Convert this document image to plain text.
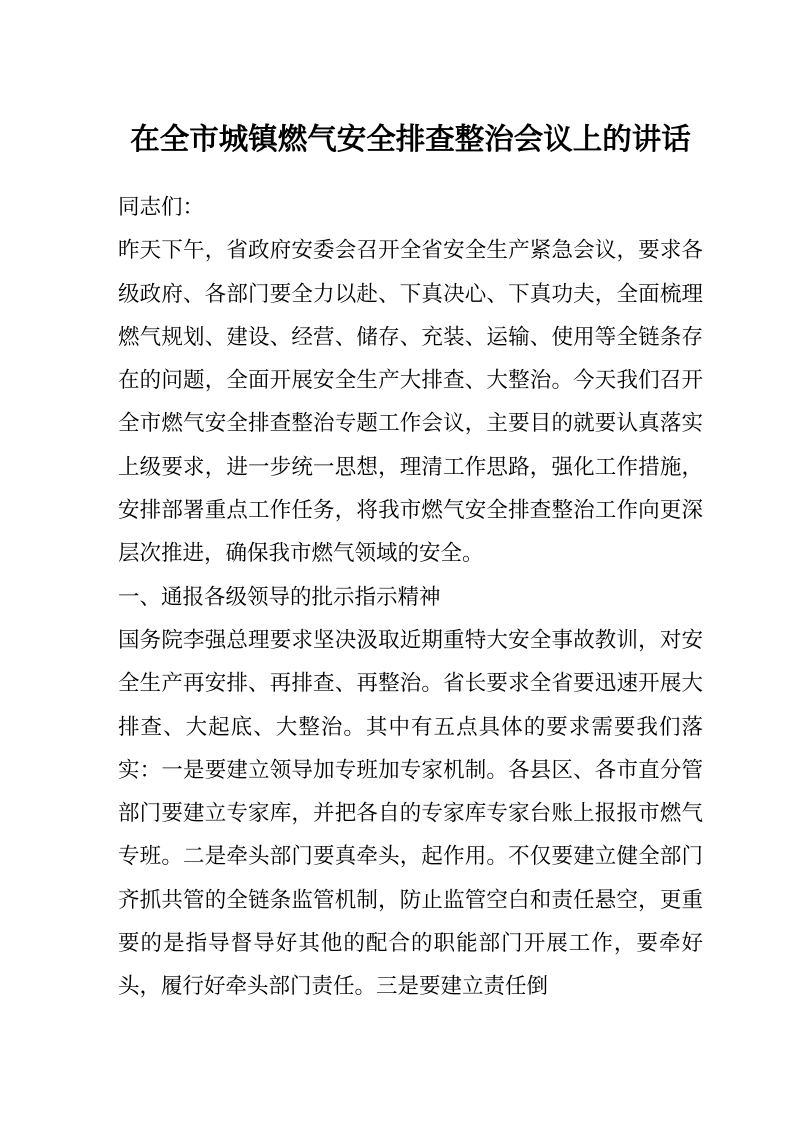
在全市城镇燃气安全排查整治会议上的讲话

同志们：

昨天下午，省政府安委会召开全省安全生产紧急会议，要求各级政府、各部门要全力以赴、下真决心、下真功夫，全面梳理燃气规划、建设、经营、储存、充装、运输、使用等全链条存在的问题，全面开展安全生产大排查、大整治。今天我们召开全市燃气安全排查整治专题工作会议，主要目的就要认真落实上级要求，进一步统一思想，理清工作思路，强化工作措施，安排部署重点工作任务，将我市燃气安全排查整治工作向更深层次推进，确保我市燃气领域的安全。

一、通报各级领导的批示指示精神

国务院李强总理要求坚决汲取近期重特大安全事故教训，对安全生产再安排、再排查、再整治。省长要求全省要迅速开展大排查、大起底、大整治。其中有五点具体的要求需要我们落实：一是要建立领导加专班加专家机制。各县区、各市直分管部门要建立专家库，并把各自的专家库专家台账上报报市燃气专班。二是牵头部门要真牵头，起作用。不仅要建立健全部门齐抓共管的全链条监管机制，防止监管空白和责任悬空，更重要的是指导督导好其他的配合的职能部门开展工作，要牵好头，履行好牵头部门责任。三是要建立责任倒
